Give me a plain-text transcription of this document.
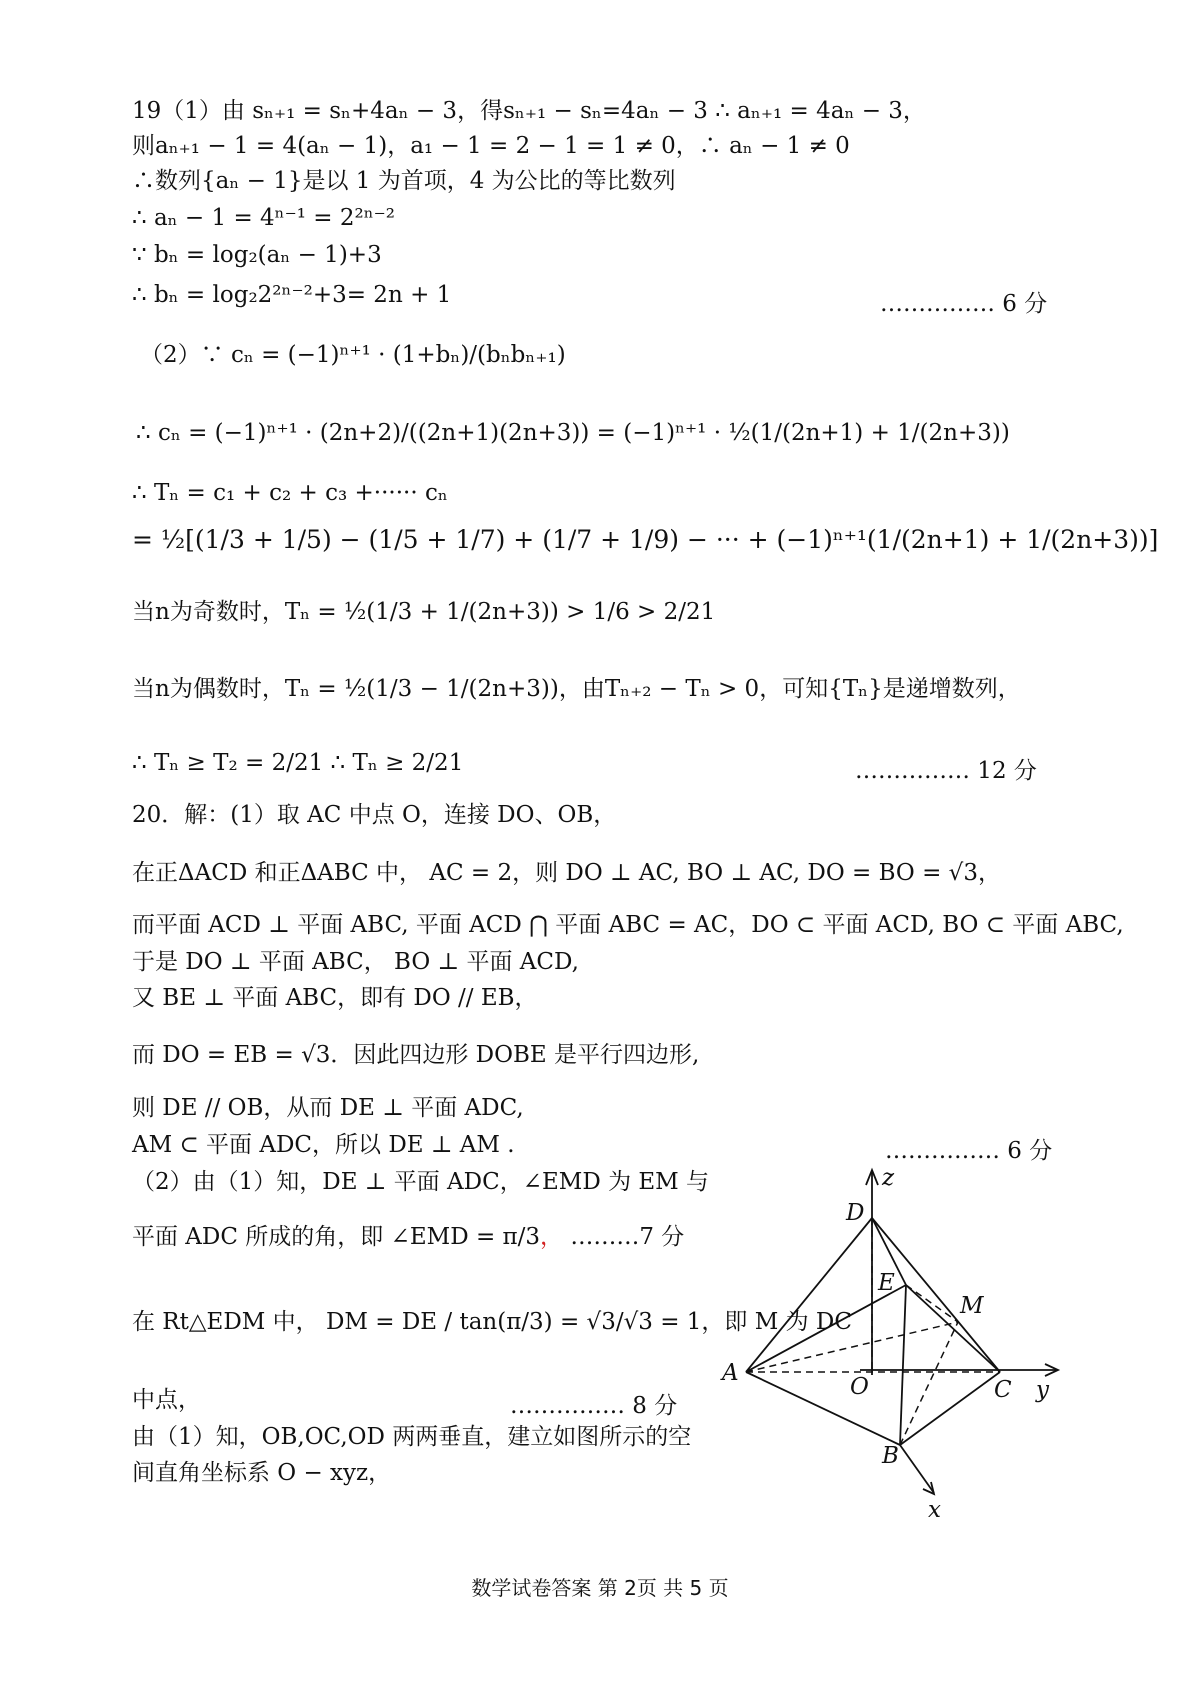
19（1）由 sₙ₊₁ = sₙ+4aₙ − 3，得sₙ₊₁ − sₙ=4aₙ − 3 ∴ aₙ₊₁ = 4aₙ − 3，
则aₙ₊₁ − 1 = 4(aₙ − 1)，a₁ − 1 = 2 − 1 = 1 ≠ 0，∴ aₙ − 1 ≠ 0
∴数列{aₙ − 1}是以 1 为首项，4 为公比的等比数列
∴ aₙ − 1 = 4ⁿ⁻¹ = 2²ⁿ⁻²
∵ bₙ = log₂(aₙ − 1)+3
∴ bₙ = log₂2²ⁿ⁻²+3= 2n + 1	…………… 6 分
（2）∵ cₙ = (−1)ⁿ⁺¹ · (1+bₙ)/(bₙbₙ₊₁)
∴ cₙ = (−1)ⁿ⁺¹ · (2n+2)/((2n+1)(2n+3)) = (−1)ⁿ⁺¹ · ½(1/(2n+1) + 1/(2n+3))
∴ Tₙ = c₁ + c₂ + c₃ +······ cₙ
= ½[(1/3 + 1/5) − (1/5 + 1/7) + (1/7 + 1/9) − ··· + (−1)ⁿ⁺¹(1/(2n+1) + 1/(2n+3))]
当n为奇数时，Tₙ = ½(1/3 + 1/(2n+3)) > 1/6 > 2/21
当n为偶数时，Tₙ = ½(1/3 − 1/(2n+3))，由Tₙ₊₂ − Tₙ > 0，可知{Tₙ}是递增数列，
∴ Tₙ ≥ T₂ = 2/21 ∴ Tₙ ≥ 2/21	…………… 12 分
20．解：(1）取 AC 中点 O，连接 DO、OB，
在正ΔACD 和正ΔABC 中， AC = 2，则 DO ⊥ AC, BO ⊥ AC, DO = BO = √3，
而平面 ACD ⊥ 平面 ABC, 平面 ACD ⋂ 平面 ABC = AC，DO ⊂ 平面 ACD, BO ⊂ 平面 ABC,
于是 DO ⊥ 平面 ABC， BO ⊥ 平面 ACD,
又 BE ⊥ 平面 ABC，即有 DO // EB，
而 DO = EB = √3．因此四边形 DOBE 是平行四边形,
则 DE // OB，从而 DE ⊥ 平面 ADC,
AM ⊂ 平面 ADC，所以 DE ⊥ AM .	…………… 6 分
（2）由（1）知，DE ⊥ 平面 ADC，∠EMD 为 EM 与
平面 ADC 所成的角，即 ∠EMD = π/3， ………7 分
在 Rt△EDM 中， DM = DE / tan(π/3) = √3/√3 = 1，即 M 为 DC
中点，	…………… 8 分
由（1）知，OB,OC,OD 两两垂直，建立如图所示的空
间直角坐标系 O − xyz，
z
D
E
M
A
O	C y
B
x
数学试卷答案 第 2页 共 5 页
